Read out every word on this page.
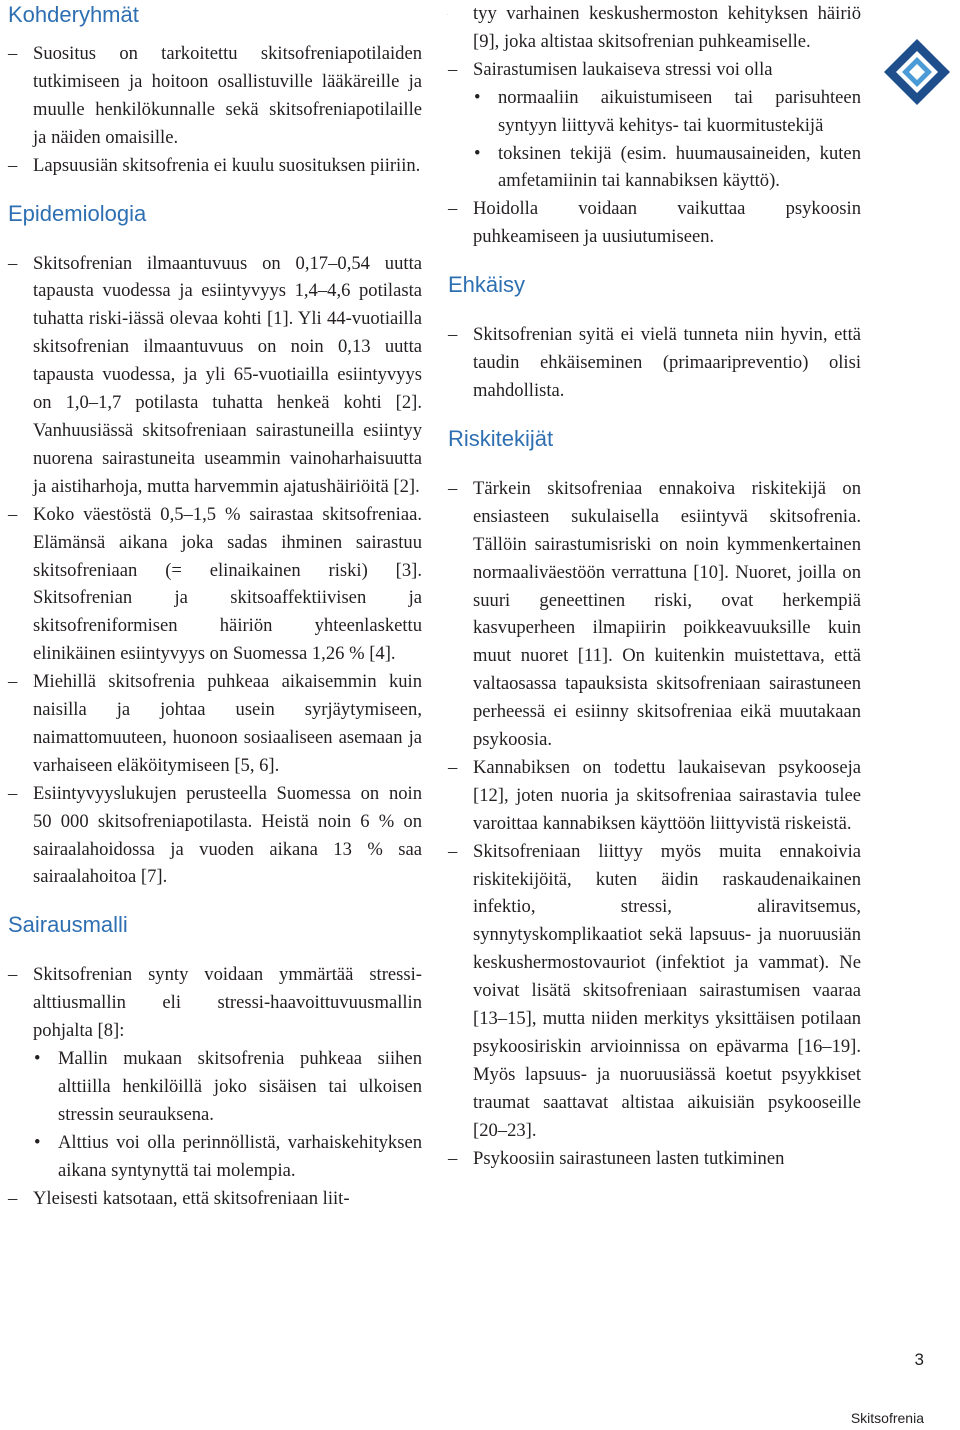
Kohderyhmät

– Suositus on tarkoitettu skitsofreniapotilaiden tutkimiseen ja hoitoon osallistuville lääkäreille ja muulle henkilökunnalle sekä skitsofreniapotilaille ja näiden omaisille.

– Lapsuusiän skitsofrenia ei kuulu suosituksen piiriin.

Epidemiologia

– Skitsofrenian ilmaantuvuus on 0,17–0,54 uutta tapausta vuodessa ja esiintyvyys 1,4–4,6 potilasta tuhatta riski-iässä olevaa kohti [1]. Yli 44-vuotiailla skitsofrenian ilmaantuvuus on noin 0,13 uutta tapausta vuodessa, ja yli 65-vuotiailla esiintyvyys on 1,0–1,7 potilasta tuhatta henkeä kohti [2]. Vanhuusiässä skitsofreniaan sairastuneilla esiintyy nuorena sairastuneita useammin vainoharhaisuutta ja aistiharhoja, mutta harvemmin ajatushäiriöitä [2].

– Koko väestöstä 0,5–1,5 % sairastaa skitsofreniaa. Elämänsä aikana joka sadas ihminen sairastuu skitsofreniaan (= elinaikainen riski) [3]. Skitsofrenian ja skitsoaffektiivisen ja skitsofreniformisen häiriön yhteenlaskettu elinikäinen esiintyvyys on Suomessa 1,26 % [4].

– Miehillä skitsofrenia puhkeaa aikaisemmin kuin naisilla ja johtaa usein syrjäytymiseen, naimattomuuteen, huonoon sosiaaliseen asemaan ja varhaiseen eläköitymiseen [5, 6].

– Esiintyvyyslukujen perusteella Suomessa on noin 50 000 skitsofreniapotilasta. Heistä noin 6 % on sairaalahoidossa ja vuoden aikana 13 % saa sairaalahoitoa [7].

Sairausmalli

– Skitsofrenian synty voidaan ymmärtää stressi-alttiusmallin eli stressi-haavoittuvuusmallin pohjalta [8]:

• Mallin mukaan skitsofrenia puhkeaa siihen alttiilla henkilöillä joko sisäisen tai ulkoisen stressin seurauksena.
• Alttius voi olla perinnöllistä, varhaiskehityksen aikana syntynyttä tai molempia.

– Yleisesti katsotaan, että skitsofreniaan liit-

– tyy varhainen keskushermoston kehityksen häiriö [9], joka altistaa skitsofrenian puhkeamiselle.

– Sairastumisen laukaiseva stressi voi olla

• normaaliin aikuistumiseen tai parisuhteen syntyyn liittyvä kehitys- tai kuormitustekijä
• toksinen tekijä (esim. huumausaineiden, kuten amfetamiinin tai kannabiksen käyttö).

– Hoidolla voidaan vaikuttaa psykoosin puhkeamiseen ja uusiutumiseen.

Ehkäisy

– Skitsofrenian syitä ei vielä tunneta niin hyvin, että taudin ehkäiseminen (primaaripreventio) olisi mahdollista.

Riskitekijät

– Tärkein skitsofreniaa ennakoiva riskitekijä on ensiasteen sukulaisella esiintyvä skitsofrenia. Tällöin sairastumisriski on noin kymmenkertainen normaaliväestöön verrattuna [10]. Nuoret, joilla on suuri geneettinen riski, ovat herkempiä kasvuperheen ilmapiirin poikkeavuuksille kuin muut nuoret [11]. On kuitenkin muistettava, että valtaosassa tapauksista skitsofreniaan sairastuneen perheessä ei esiinny skitsofreniaa eikä muutakaan psykoosia.

– Kannabiksen on todettu laukaisevan psykooseja [12], joten nuoria ja skitsofreniaa sairastavia tulee varoittaa kannabiksen käyttöön liittyvistä riskeistä.

– Skitsofreniaan liittyy myös muita ennakoivia riskitekijöitä, kuten äidin raskaudenaikainen infektio, stressi, aliravitsemus, synnytyskomplikaatiot sekä lapsuus- ja nuoruusiän keskushermostovauriot (infektiot ja vammat). Ne voivat lisätä skitsofreniaan sairastumisen vaaraa [13–15], mutta niiden merkitys yksittäisen potilaan psykoosiriskin arvioinnissa on epävarma [16–19]. Myös lapsuus- ja nuoruusiässä koetut psyykkiset traumat saattavat altistaa aikuisiän psykooseille [20–23].

– Psykoosiin sairastuneen lasten tutkiminen

3
Skitsofrenia
